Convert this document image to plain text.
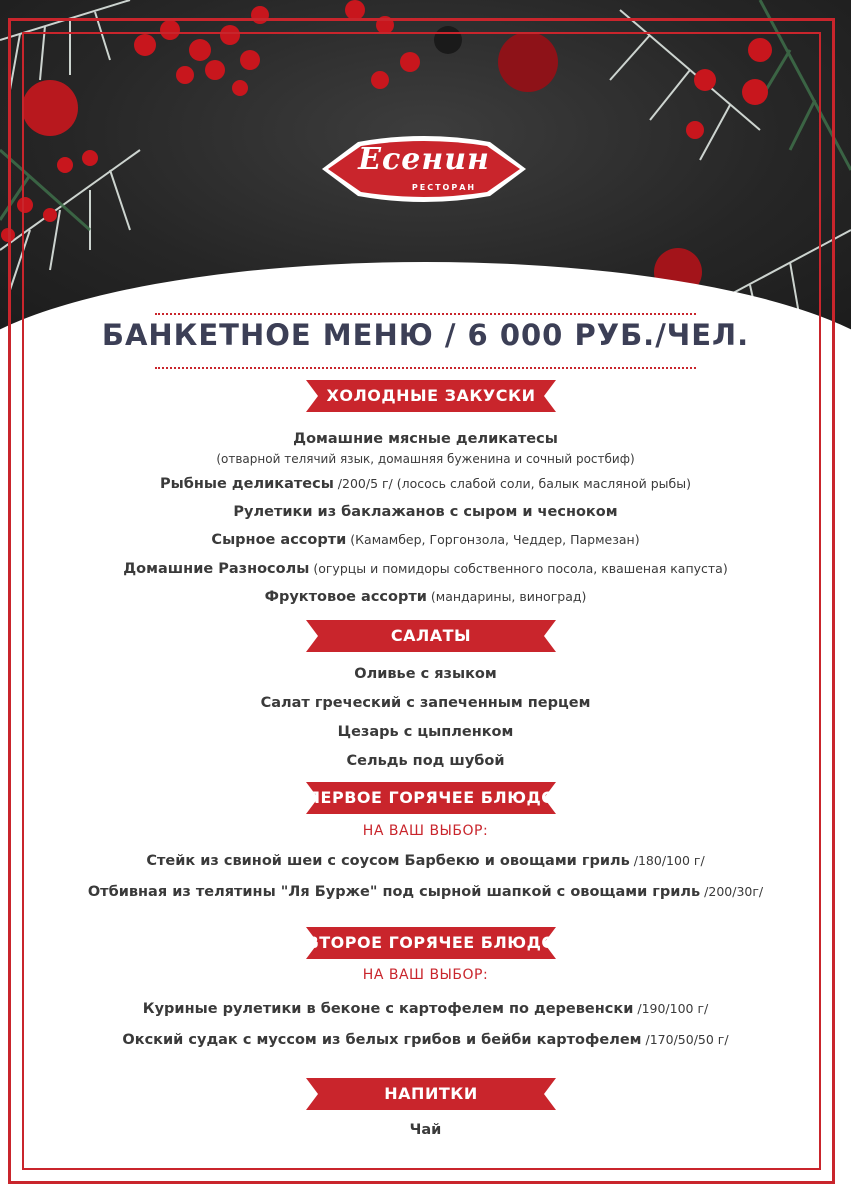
Есенин
РЕСТОРАН
БАНКЕТНОЕ МЕНЮ / 6 000 РУБ./ЧЕЛ.
ХОЛОДНЫЕ ЗАКУСКИ
Домашние мясные деликатесы
(отварной телячий язык, домашняя буженина и сочный ростбиф)
Рыбные деликатесы /200/5 г/ (лосось слабой соли, балык масляной рыбы)
Рулетики из баклажанов с сыром и чесноком
Сырное ассорти (Камамбер, Горгонзола, Чеддер, Пармезан)
Домашние Разносолы (огурцы и помидоры собственного посола, квашеная капуста)
Фруктовое ассорти (мандарины, виноград)
САЛАТЫ
Оливье с языком
Салат греческий с запеченным перцем
Цезарь с цыпленком
Сельдь под шубой
ПЕРВОЕ ГОРЯЧЕЕ БЛЮДО
НА ВАШ ВЫБОР:
Стейк из свиной шеи с соусом Барбекю и овощами гриль /180/100 г/
Отбивная из телятины "Ля Бурже" под сырной шапкой с овощами гриль /200/30г/
ВТОРОЕ ГОРЯЧЕЕ БЛЮДО
НА ВАШ ВЫБОР:
Куриные рулетики в беконе с картофелем по деревенски /190/100 г/
Окский судак с муссом из белых грибов и бейби картофелем /170/50/50 г/
НАПИТКИ
Чай
